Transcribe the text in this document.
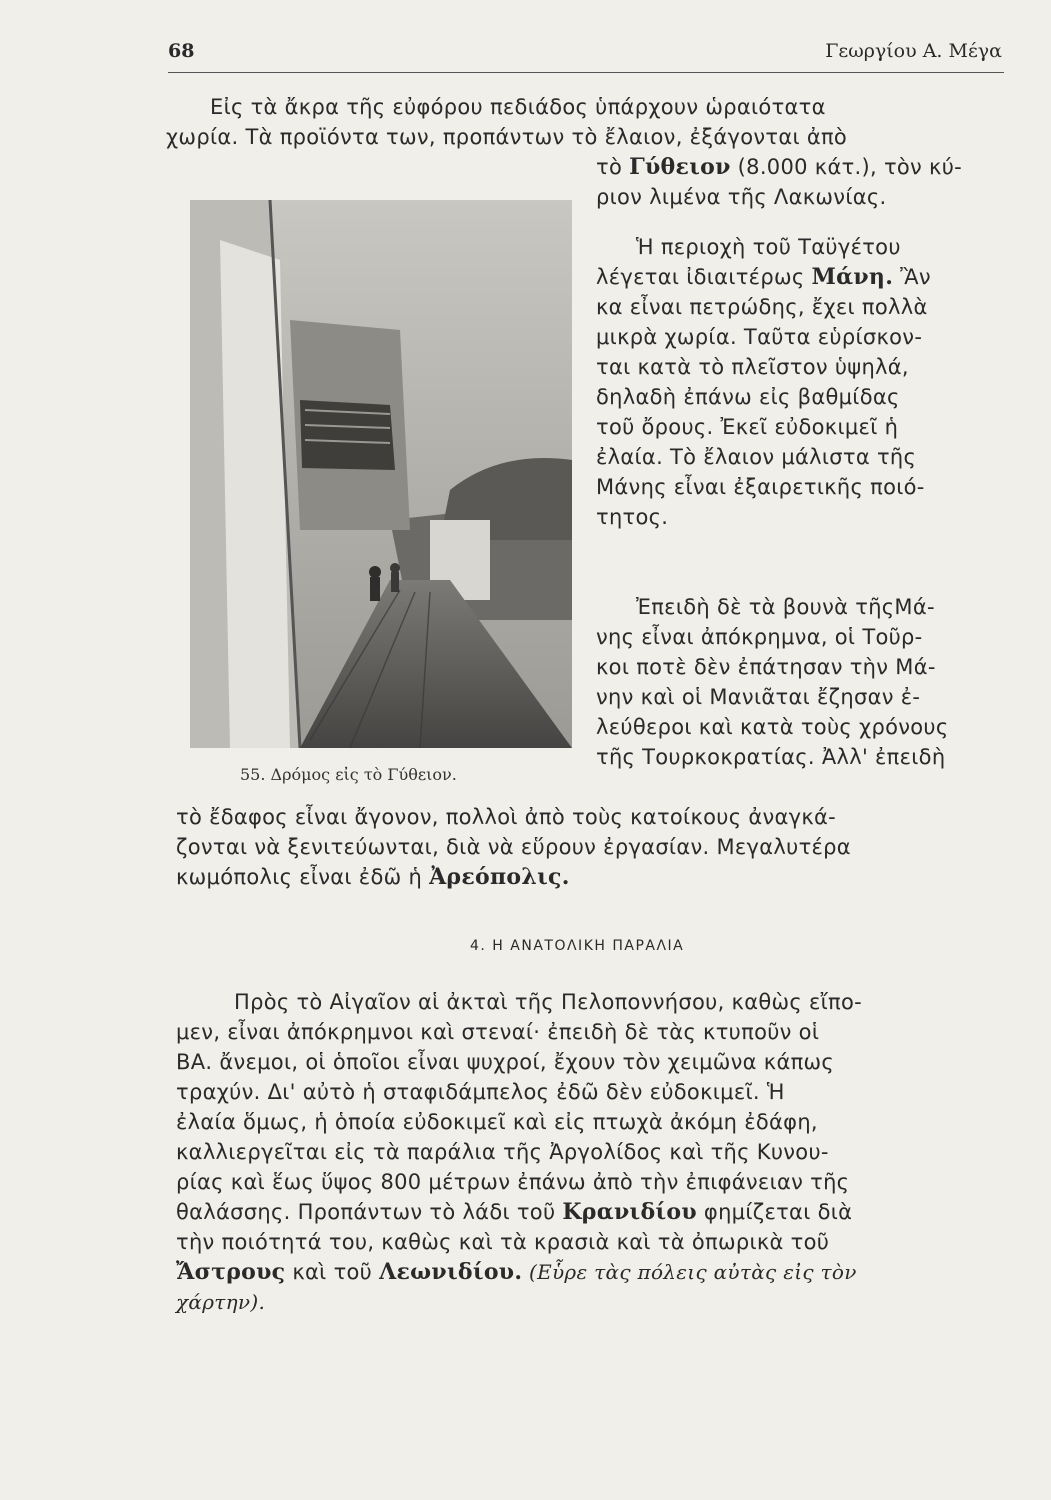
68	Γεωργίου Α. Μέγα
Εἰς τὰ ἄκρα τῆς εὐφόρου πεδιάδος ὑπάρχουν ὡραιότατα
χωρία. Τὰ προϊόντα των, προπάντων τὸ ἔλαιον, ἐξάγονται ἀπὸ
τὸ Γύθειον (8.000 κάτ.), τὸν κύ-
ριον λιμένα τῆς Λακωνίας.
Ἡ περιοχὴ τοῦ Ταϋγέτου
λέγεται ἰδιαιτέρως Μάνη. Ἂν
κα εἶναι πετρώδης, ἔχει πολλὰ
μικρὰ χωρία. Ταῦτα εὑρίσκον-
ται κατὰ τὸ πλεῖστον ὑψηλά,
δηλαδὴ ἐπάνω εἰς βαθμίδας
τοῦ ὄρους. Ἐκεῖ εὐδοκιμεῖ ἡ
ἐλαία. Τὸ ἔλαιον μάλιστα τῆς
Μάνης εἶναι ἐξαιρετικῆς ποιό-
τητος.
Ἐπειδὴ δὲ τὰ βουνὰ τῆςΜά-
νης εἶναι ἀπόκρημνα, οἱ Τοῦρ-
κοι ποτὲ δὲν ἐπάτησαν τὴν Μά-
νην καὶ οἱ Μανιᾶται ἔζησαν ἐ-
λεύθεροι καὶ κατὰ τοὺς χρόνους
τῆς Τουρκοκρατίας. Ἀλλ' ἐπειδὴ
τὸ ἔδαφος εἶναι ἄγονον, πολλοὶ ἀπὸ τοὺς κατοίκους ἀναγκά-
ζονται νὰ ξενιτεύωνται, διὰ νὰ εὕρουν ἐργασίαν. Μεγαλυτέρα
κωμόπολις εἶναι ἐδῶ ἡ Ἀρεόπολις.
55. Δρόμος εἰς τὸ Γύθειον.
4. Η ΑΝΑΤΟΛΙΚΗ ΠΑΡΑΛΙΑ
Πρὸς τὸ Αἰγαῖον αἱ ἀκταὶ τῆς Πελοποννήσου, καθὼς εἴπο-
μεν, εἶναι ἀπόκρημνοι καὶ στεναί· ἐπειδὴ δὲ τὰς κτυποῦν οἱ
ΒΑ. ἄνεμοι, οἱ ὁποῖοι εἶναι ψυχροί, ἔχουν τὸν χειμῶνα κάπως
τραχύν. Δι' αὐτὸ ἡ σταφιδάμπελος ἐδῶ δὲν εὐδοκιμεῖ. Ἡ
ἐλαία ὅμως, ἡ ὁποία εὐδοκιμεῖ καὶ εἰς πτωχὰ ἀκόμη ἐδάφη,
καλλιεργεῖται εἰς τὰ παράλια τῆς Ἀργολίδος καὶ τῆς Κυνου-
ρίας καὶ ἕως ὕψος 800 μέτρων ἐπάνω ἀπὸ τὴν ἐπιφάνειαν τῆς
θαλάσσης. Προπάντων τὸ λάδι τοῦ Κρανιδίου φημίζεται διὰ
τὴν ποιότητά του, καθὼς καὶ τὰ κρασιὰ καὶ τὰ ὀπωρικὰ τοῦ
Ἄστρους καὶ τοῦ Λεωνιδίου. (Εὗρε τὰς πόλεις αὐτὰς εἰς τὸν
χάρτην).
